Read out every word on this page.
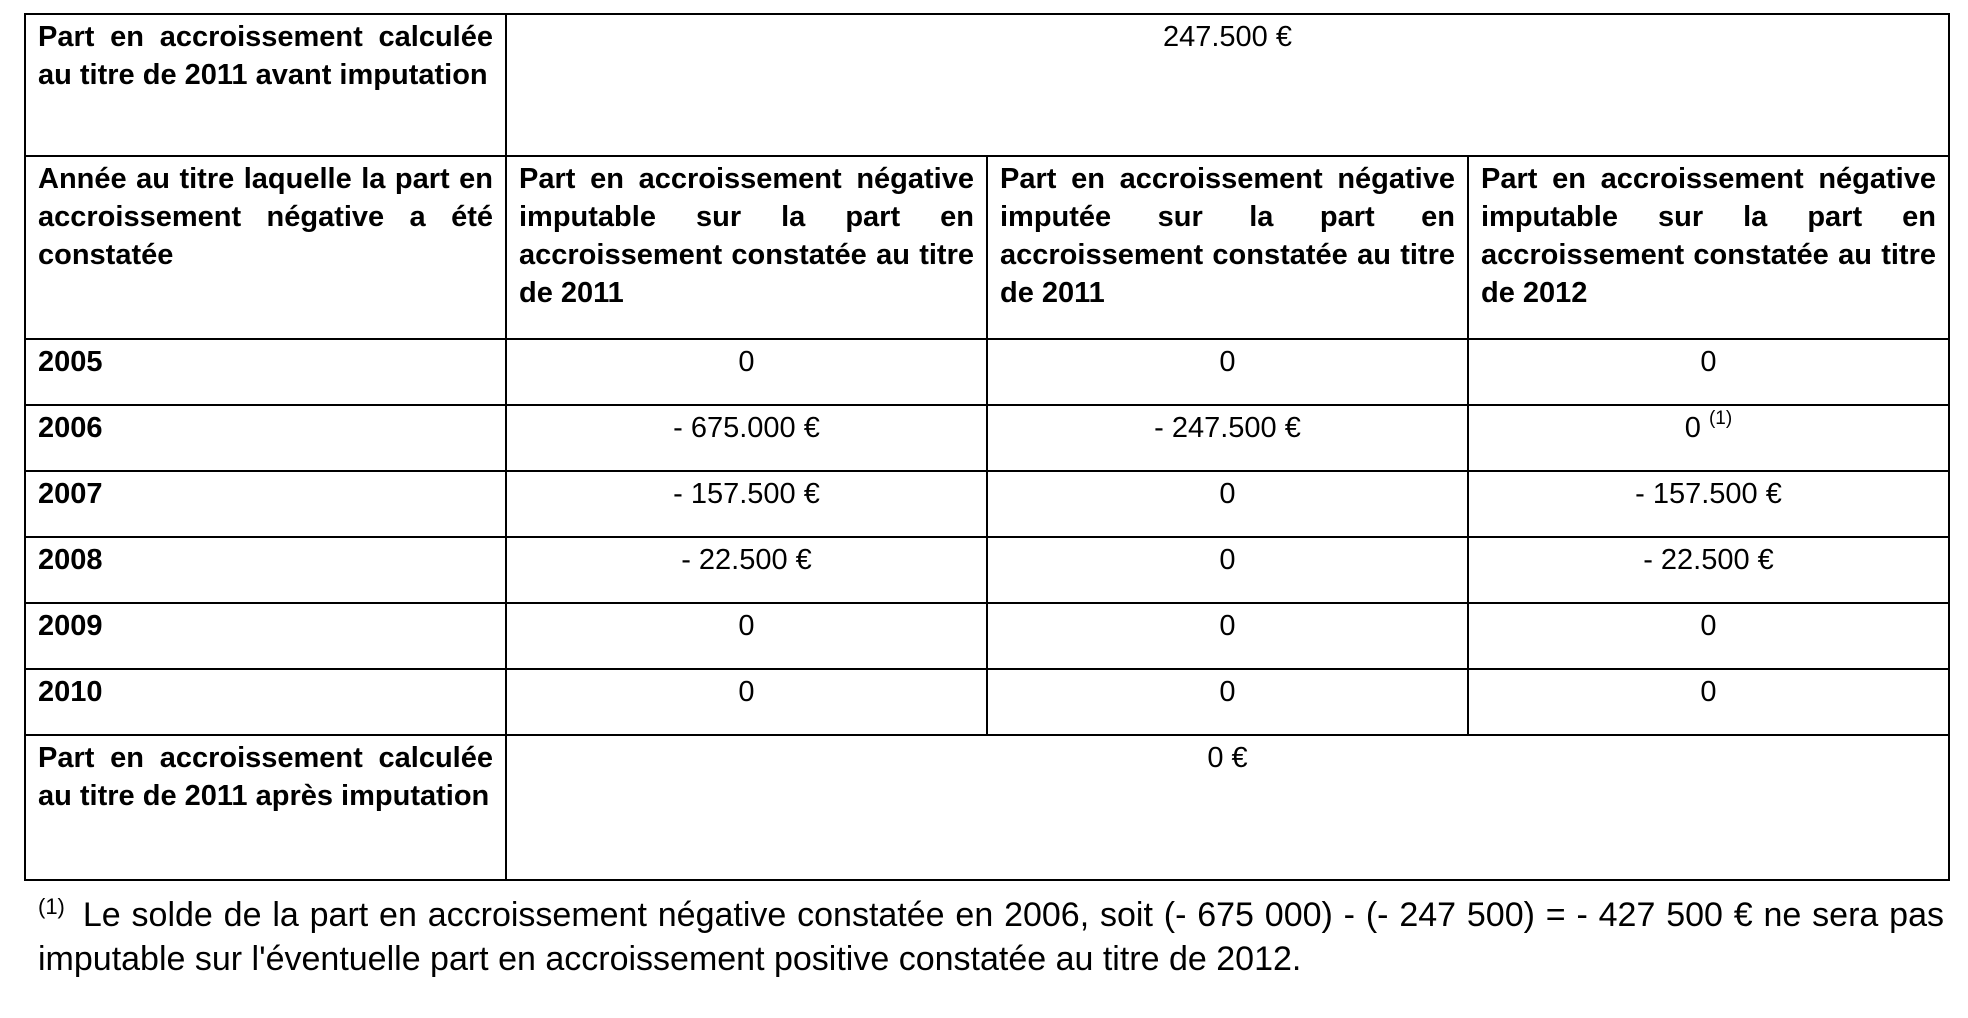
Part en accroissement calculée au titre de 2011 avant imputation	247.500 €		
Année au titre laquelle la part en accroissement négative a été constatée	Part en accroissement négative imputable sur la part en accroissement constatée au titre de 2011	Part en accroissement négative imputée sur la part en accroissement constatée au titre de 2011	Part en accroissement négative imputable sur la part en accroissement constatée au titre de 2012
2005	0	0	0
2006	- 675.000 €	- 247.500 €	0 $^{(1)}$
2007	- 157.500 €	0	- 157.500 €
2008	- 22.500 €	0	- 22.500 €
2009	0	0	0
2010	0	0	0
Part en accroissement calculée au titre de 2011 après imputation	0 €		
$^{(1)}$ Le solde de la part en accroissement négative constatée en 2006, soit (- 675 000) - (- 247 500) = - 427 500 € ne sera pas imputable sur l'éventuelle part en accroissement positive constatée au titre de 2012.
